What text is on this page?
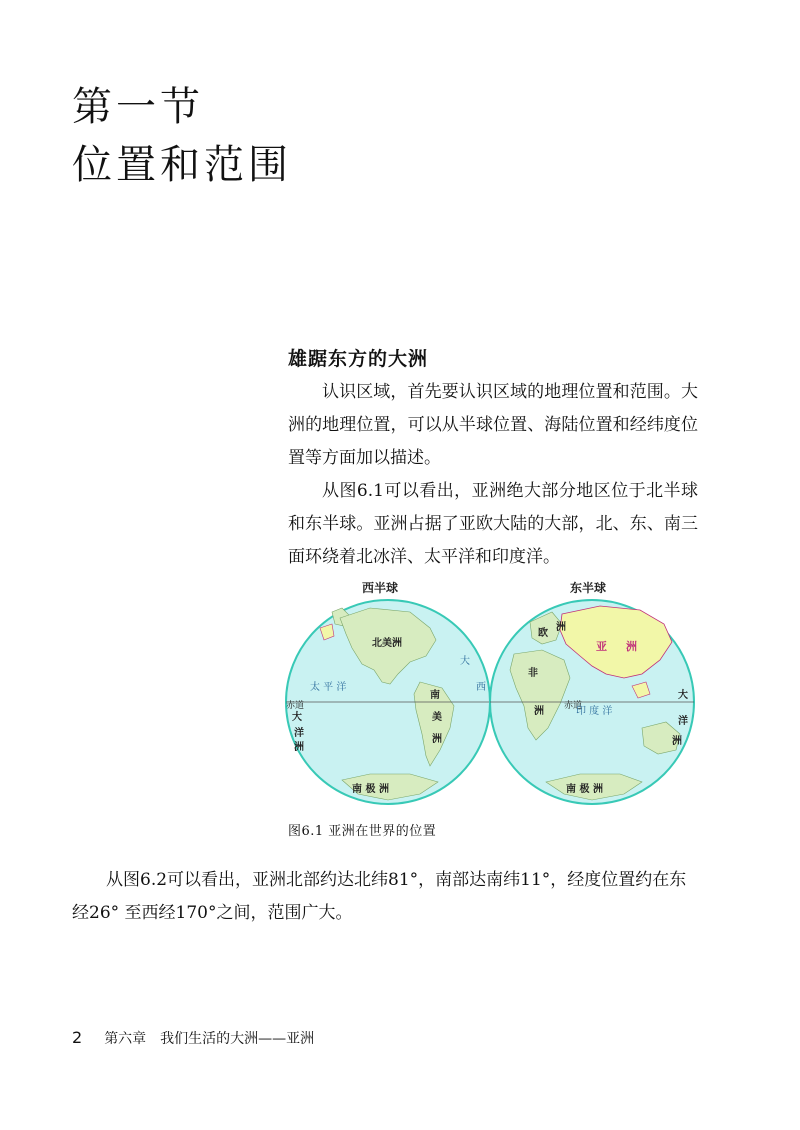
第一节
位置和范围
雄踞东方的大洲

认识区域，首先要认识区域的地理位置和范围。大洲的地理位置，可以从半球位置、海陆位置和经纬度位置等方面加以描述。

从图6.1可以看出，亚洲绝大部分地区位于北半球和东半球。亚洲占据了亚欧大陆的大部，北、东、南三面环绕着北冰洋、太平洋和印度洋。

西半球	东半球
北美洲
南
美
洲
南 极 洲
太 平 洋
赤道
大
洋
洲
大
西
欧
洲
亚 洲
非
洲 赤道
印 度 洋
大
洋
洲
南 极 洲
图6.1 亚洲在世界的位置

从图6.2可以看出，亚洲北部约达北纬81°，南部达南纬11°，经度位置约在东经26° 至西经170°之间，范围广大。

2 第六章　我们生活的大洲——亚洲
